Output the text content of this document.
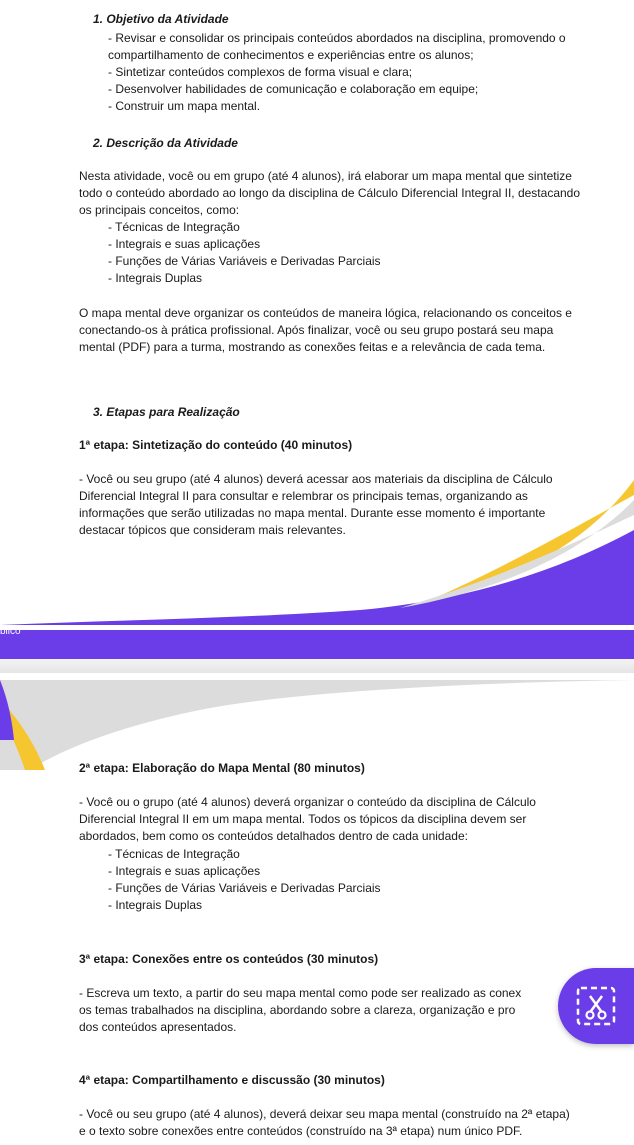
blico
1. Objetivo da Atividade
- Revisar e consolidar os principais conteúdos abordados na disciplina, promovendo o
compartilhamento de conhecimentos e experiências entre os alunos;
- Sintetizar conteúdos complexos de forma visual e clara;
- Desenvolver habilidades de comunicação e colaboração em equipe;
- Construir um mapa mental.
2. Descrição da Atividade
Nesta atividade, você ou em grupo (até 4 alunos), irá elaborar um mapa mental que sintetize
todo o conteúdo abordado ao longo da disciplina de Cálculo Diferencial Integral II, destacando
os principais conceitos, como:
- Técnicas de Integração
- Integrais e suas aplicações
- Funções de Várias Variáveis e Derivadas Parciais
- Integrais Duplas
O mapa mental deve organizar os conteúdos de maneira lógica, relacionando os conceitos e
conectando-os à prática profissional. Após finalizar, você ou seu grupo postará seu mapa
mental (PDF) para a turma, mostrando as conexões feitas e a relevância de cada tema.
3. Etapas para Realização
1ª etapa: Sintetização do conteúdo (40 minutos)
- Você ou seu grupo (até 4 alunos) deverá acessar aos materiais da disciplina de Cálculo
Diferencial Integral II para consultar e relembrar os principais temas, organizando as
informações que serão utilizadas no mapa mental. Durante esse momento é importante
destacar tópicos que consideram mais relevantes.
2ª etapa: Elaboração do Mapa Mental (80 minutos)
- Você ou o grupo (até 4 alunos) deverá organizar o conteúdo da disciplina de Cálculo
Diferencial Integral II em um mapa mental. Todos os tópicos da disciplina devem ser
abordados, bem como os conteúdos detalhados dentro de cada unidade:
- Técnicas de Integração
- Integrais e suas aplicações
- Funções de Várias Variáveis e Derivadas Parciais
- Integrais Duplas
3ª etapa: Conexões entre os conteúdos (30 minutos)
- Escreva um texto, a partir do seu mapa mental como pode ser realizado as conex
os temas trabalhados na disciplina, abordando sobre a clareza, organização e pro
dos conteúdos apresentados.
4ª etapa: Compartilhamento e discussão (30 minutos)
- Você ou seu grupo (até 4 alunos), deverá deixar seu mapa mental (construído na 2ª etapa)
e o texto sobre conexões entre conteúdos (construído na 3ª etapa) num único PDF.
